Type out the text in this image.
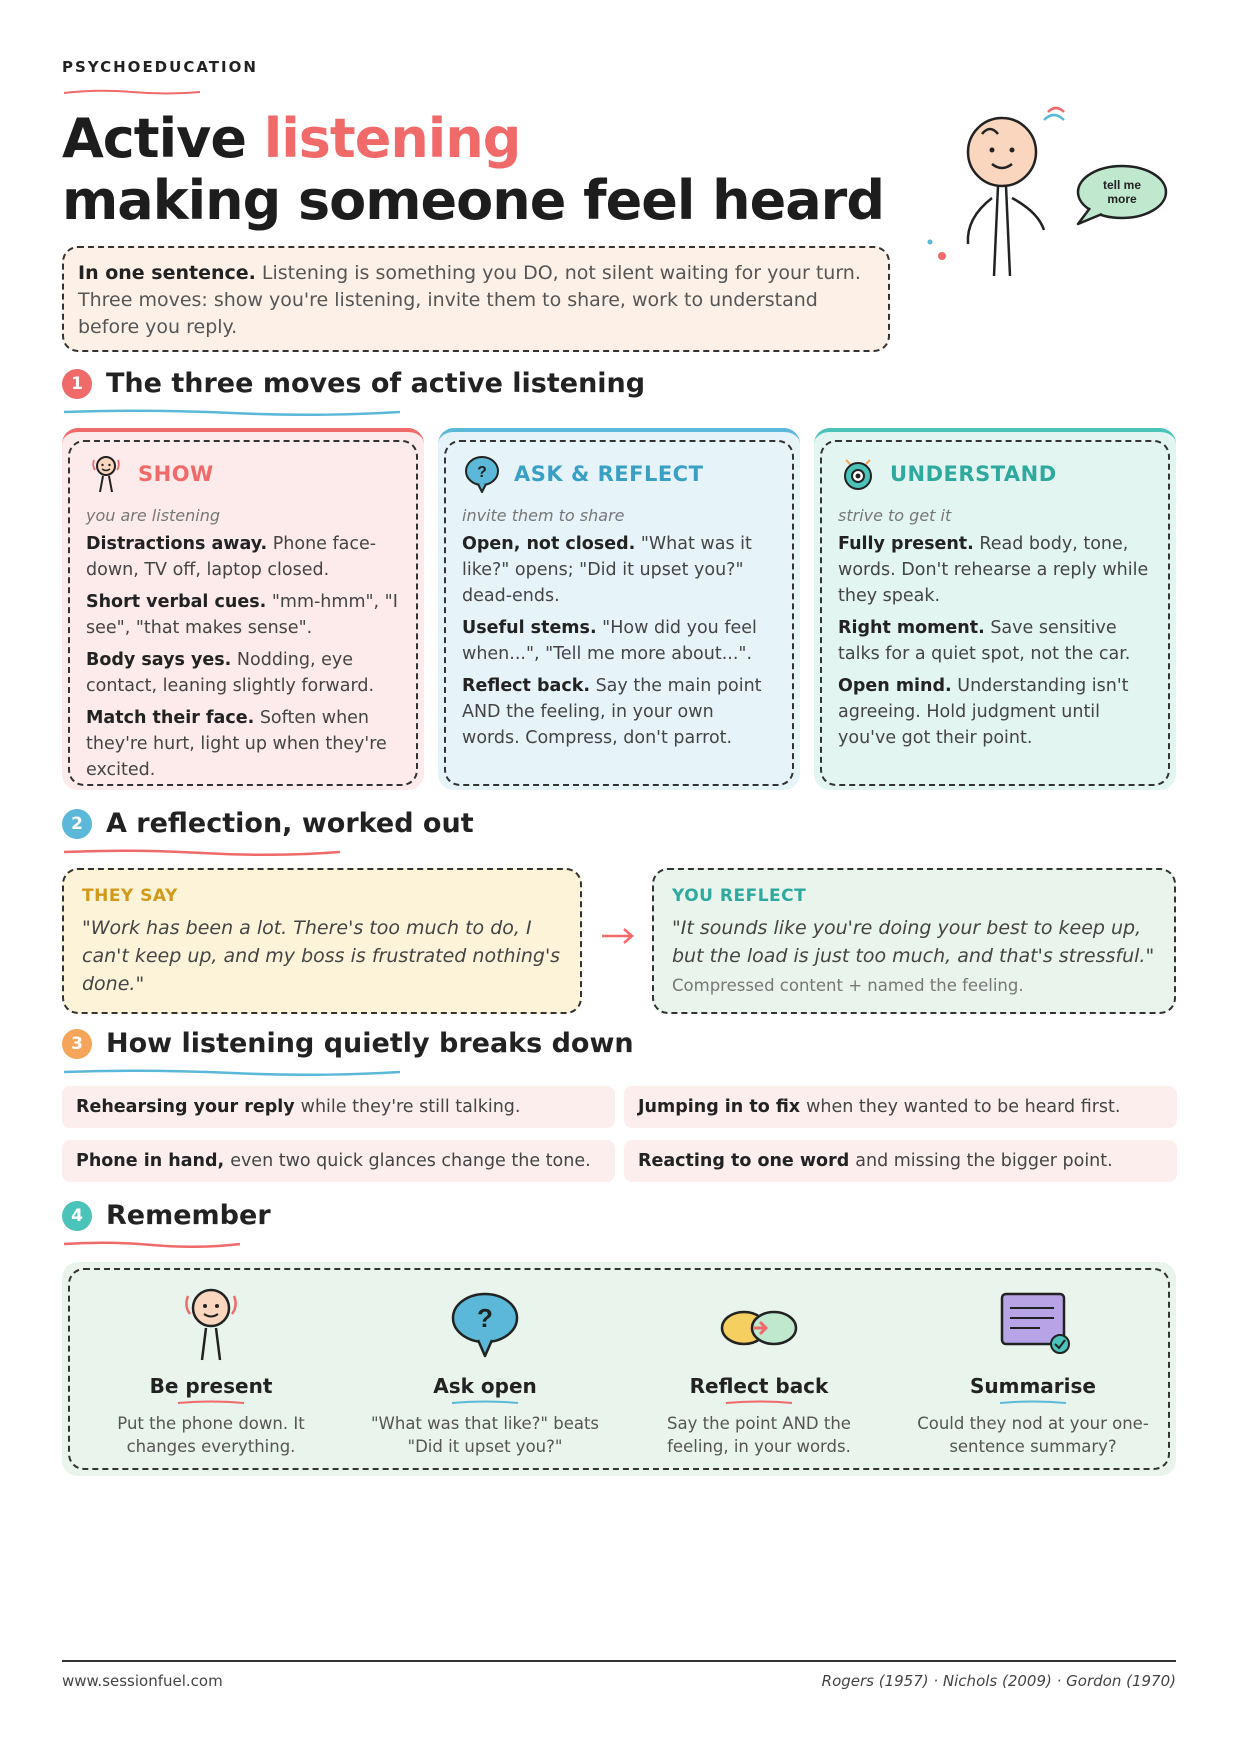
PSYCHOEDUCATION
Active listening
making someone feel heard
In one sentence. Listening is something you DO, not silent waiting for your turn. Three moves: show you're listening, invite them to share, work to understand before you reply.
tell me
more
1 The three moves of active listening
SHOW
you are listening
Distractions away. Phone face-down, TV off, laptop closed.
Short verbal cues. "mm-hmm", "I see", "that makes sense".
Body says yes. Nodding, eye contact, leaning slightly forward.
Match their face. Soften when they're hurt, light up when they're excited.
? ASK & REFLECT
invite them to share
Open, not closed. "What was it like?" opens; "Did it upset you?" dead-ends.
Useful stems. "How did you feel when...", "Tell me more about...".
Reflect back. Say the main point AND the feeling, in your own words. Compress, don't parrot.
UNDERSTAND
strive to get it
Fully present. Read body, tone, words. Don't rehearse a reply while they speak.
Right moment. Save sensitive talks for a quiet spot, not the car.
Open mind. Understanding isn't agreeing. Hold judgment until you've got their point.
2 A reflection, worked out
THEY SAY
"Work has been a lot. There's too much to do, I can't keep up, and my boss is frustrated nothing's done."
YOU REFLECT
"It sounds like you're doing your best to keep up, but the load is just too much, and that's stressful."
Compressed content + named the feeling.
3 How listening quietly breaks down
Rehearsing your reply while they're still talking.	Jumping in to fix when they wanted to be heard first.
Phone in hand, even two quick glances change the tone.	Reacting to one word and missing the bigger point.
4 Remember
Be present
Put the phone down. It changes everything.
?
Ask open
"What was that like?" beats "Did it upset you?"
Reflect back
Say the point AND the feeling, in your words.
Summarise
Could they nod at your one-sentence summary?
www.sessionfuel.com	Rogers (1957) · Nichols (2009) · Gordon (1970)
